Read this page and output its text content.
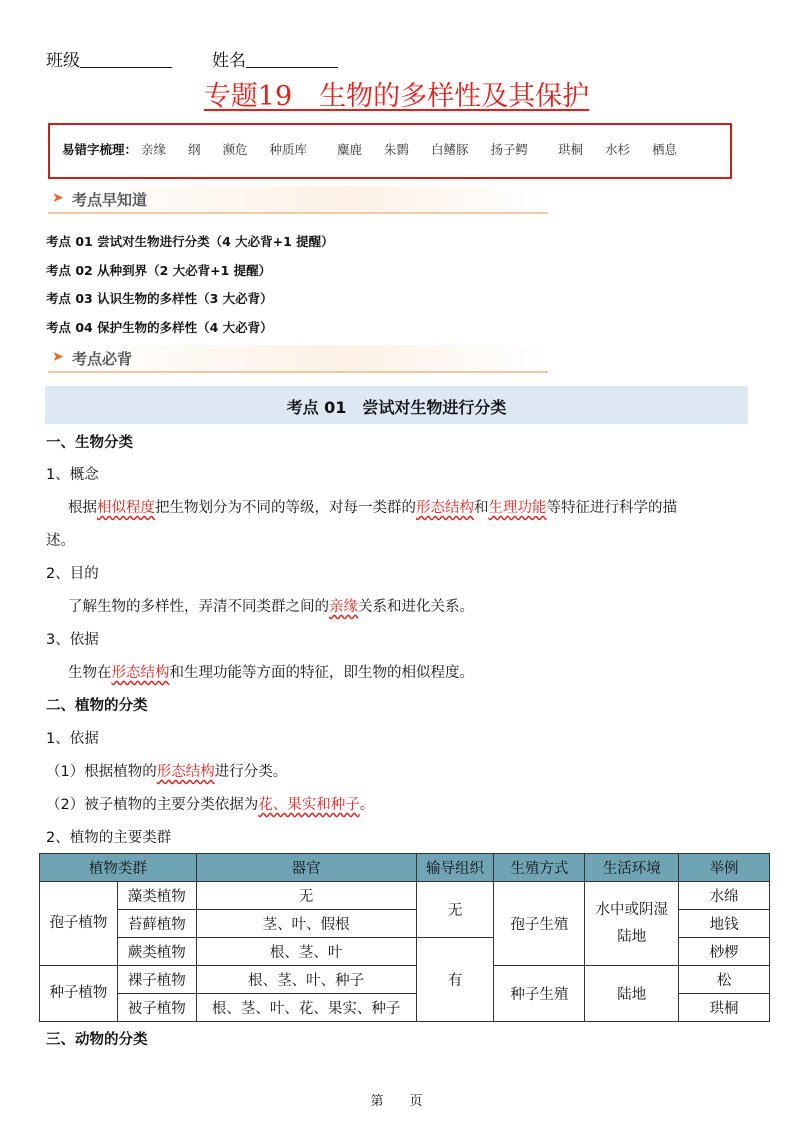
班级	姓名
专题19　生物的多样性及其保护
易错字梳理： 亲缘 纲 濒危 种质库 麋鹿 朱鹮 白鳍豚 扬子鳄 珙桐 水杉 栖息
➤ 考点早知道
考点 01 尝试对生物进行分类（4 大必背+1 提醒）
考点 02 从种到界（2 大必背+1 提醒）
考点 03 认识生物的多样性（3 大必背）
考点 04 保护生物的多样性（4 大必背）
➤ 考点必背
考点 01　尝试对生物进行分类
一、生物分类
1、概念
根据相似程度把生物划分为不同的等级，对每一类群的形态结构和生理功能等特征进行科学的描
述。
2、目的
了解生物的多样性，弄清不同类群之间的亲缘关系和进化关系。
3、依据
生物在形态结构和生理功能等方面的特征，即生物的相似程度。
二、植物的分类
1、依据
（1）根据植物的形态结构进行分类。
（2）被子植物的主要分类依据为花、果实和种子。
2、植物的主要类群
植物类群		器官	输导组织	生殖方式	生活环境	举例
孢子植物	藻类植物	无	无	孢子生殖	水中或阴湿陆地	水绵
	苔藓植物	茎、叶、假根				地钱
	蕨类植物	根、茎、叶	有			桫椤
种子植物	裸子植物	根、茎、叶、种子		种子生殖	陆地	松
	被子植物	根、茎、叶、花、果实、种子				珙桐
三、动物的分类
第　　页
